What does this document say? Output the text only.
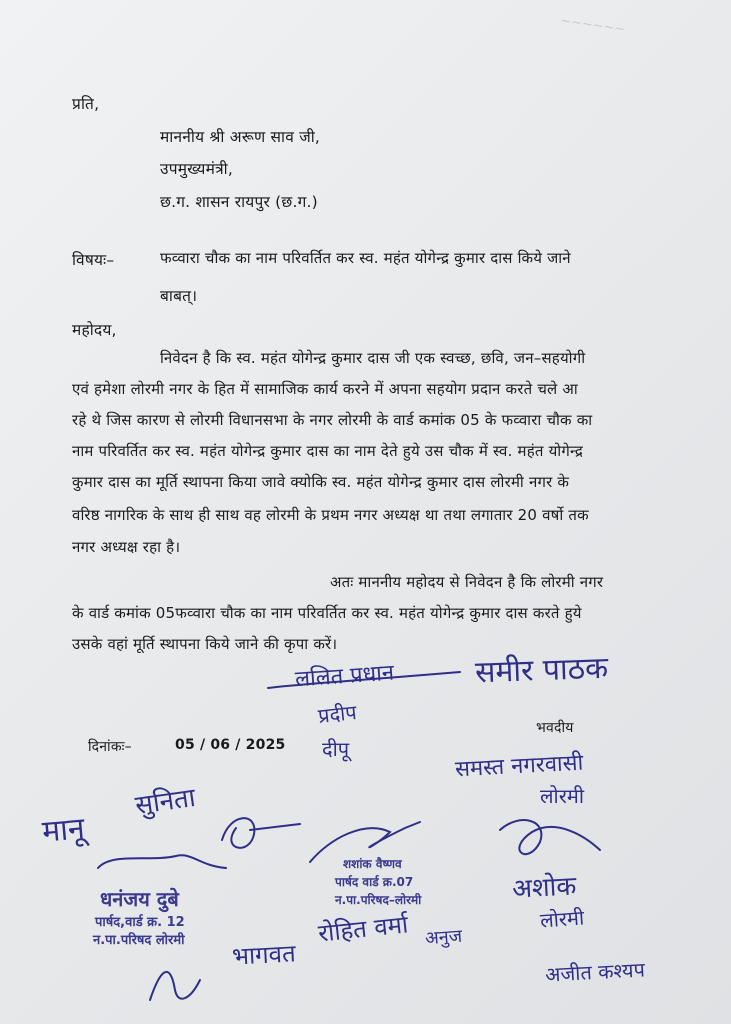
~~~~~~
प्रति,
माननीय श्री अरूण साव जी,
उपमुख्यमंत्री,
छ.ग. शासन रायपुर (छ.ग.)
विषयः–	फव्वारा चौक का नाम परिवर्तित कर स्व. महंत योगेन्द्र कुमार दास किये जाने
बाबत्।
महोदय,
निवेदन है कि स्व. महंत योगेन्द्र कुमार दास जी एक स्वच्छ, छवि, जन–सहयोगी
एवं हमेशा लोरमी नगर के हित में सामाजिक कार्य करने में अपना सहयोग प्रदान करते चले आ
रहे थे जिस कारण से लोरमी विधानसभा के नगर लोरमी के वार्ड कमांक 05 के फव्वारा चौक का
नाम परिवर्तित कर स्व. महंत योगेन्द्र कुमार दास का नाम देते हुये उस चौक में स्व. महंत योगेन्द्र
कुमार दास का मूर्ति स्थापना किया जावे क्योकि स्व. महंत योगेन्द्र कुमार दास लोरमी नगर के
वरिष्ठ नागरिक के साथ ही साथ वह लोरमी के प्रथम नगर अध्यक्ष था तथा लगातार 20 वर्षो तक
नगर अध्यक्ष रहा है।
अतः माननीय महोदय से निवेदन है कि लोरमी नगर
के वार्ड कमांक 05फव्वारा चौक का नाम परिवर्तित कर स्व. महंत योगेन्द्र कुमार दास करते हुये
उसके वहां मूर्ति स्थापना किये जाने की कृपा करें।
भवदीय
दिनांकः–	05 / 06 / 2025
ललित प्रधान	समीर पाठक
प्रदीप
दीपू
समस्त नगरवासी
लोरमी
मानू
सुनिता
अशोक
लोरमी
भागवत
रोहित वर्मा अनुज
अजीत कश्यप
धनंजय दुबे
पार्षद,वार्ड क्र. 12
न.पा.परिषद लोरमी
शशांक वैष्णव
पार्षद वार्ड क्र.07
न.पा.परिषद–लोरमी
